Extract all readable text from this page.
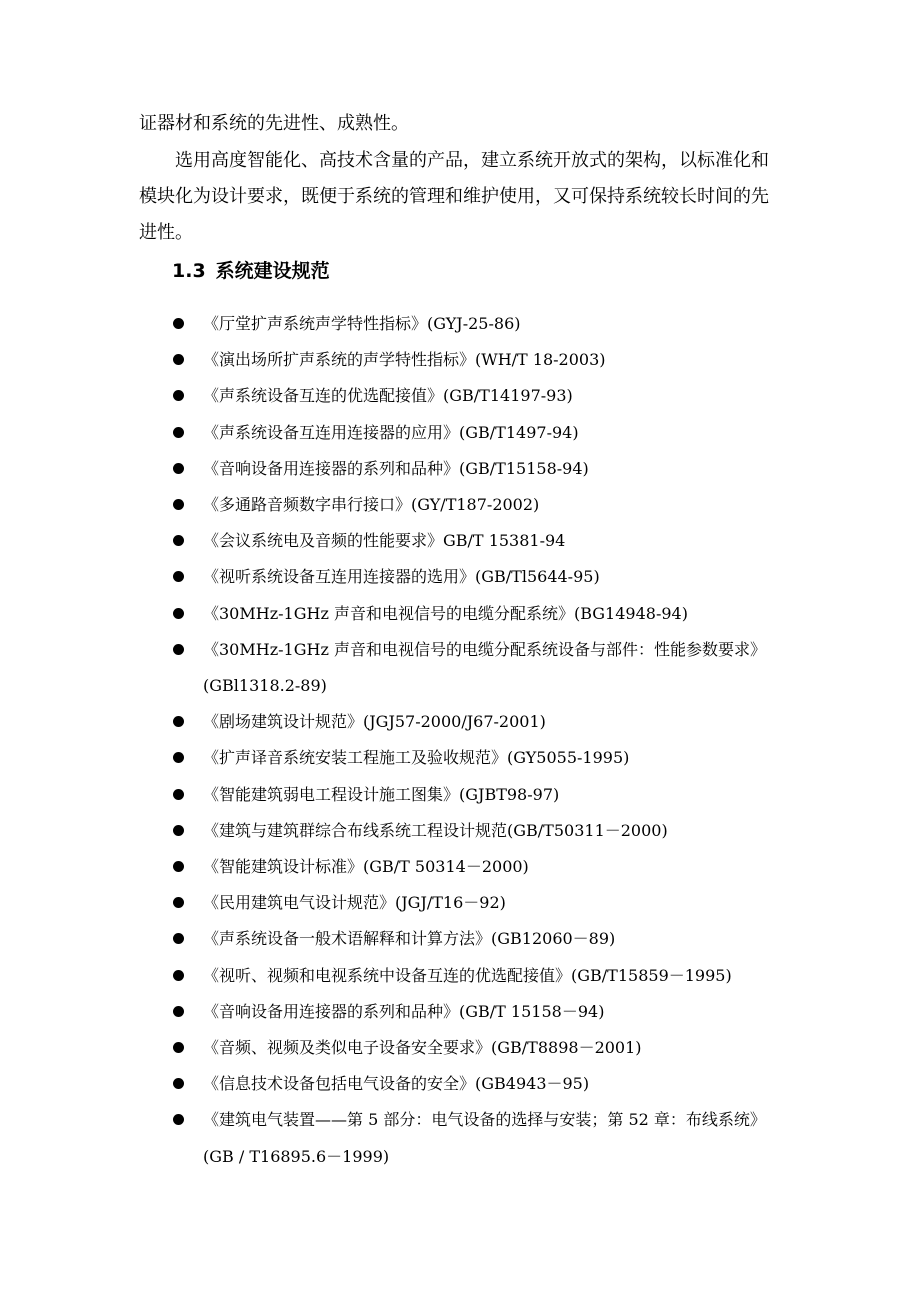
证器材和系统的先进性、成熟性。

选用高度智能化、高技术含量的产品，建立系统开放式的架构，以标准化和模块化为设计要求，既便于系统的管理和维护使用，又可保持系统较长时间的先进性。

1.3 系统建设规范
《厅堂扩声系统声学特性指标》(GYJ-25-86)
《演出场所扩声系统的声学特性指标》(WH/T 18-2003)
《声系统设备互连的优选配接值》(GB/T14197-93)
《声系统设备互连用连接器的应用》(GB/T1497-94)
《音响设备用连接器的系列和品种》(GB/T15158-94)
《多通路音频数字串行接口》(GY/T187-2002)
《会议系统电及音频的性能要求》GB/T 15381-94
《视听系统设备互连用连接器的选用》(GB/Tl5644-95)
《30MHz-1GHz 声音和电视信号的电缆分配系统》(BG14948-94)
《30MHz-1GHz 声音和电视信号的电缆分配系统设备与部件：性能参数要求》(GBl1318.2-89)
《剧场建筑设计规范》(JGJ57-2000/J67-2001)
《扩声译音系统安装工程施工及验收规范》(GY5055-1995)
《智能建筑弱电工程设计施工图集》(GJBT98-97)
《建筑与建筑群综合布线系统工程设计规范(GB/T50311－2000)
《智能建筑设计标准》(GB/T 50314－2000)
《民用建筑电气设计规范》(JGJ/T16－92)
《声系统设备一般术语解释和计算方法》(GB12060－89)
《视听、视频和电视系统中设备互连的优选配接值》(GB/T15859－1995)
《音响设备用连接器的系列和品种》(GB/T 15158－94)
《音频、视频及类似电子设备安全要求》(GB/T8898－2001)
《信息技术设备包括电气设备的安全》(GB4943－95)
《建筑电气装置——第 5 部分：电气设备的选择与安装；第 52 章：布线系统》(GB / T16895.6－1999)
